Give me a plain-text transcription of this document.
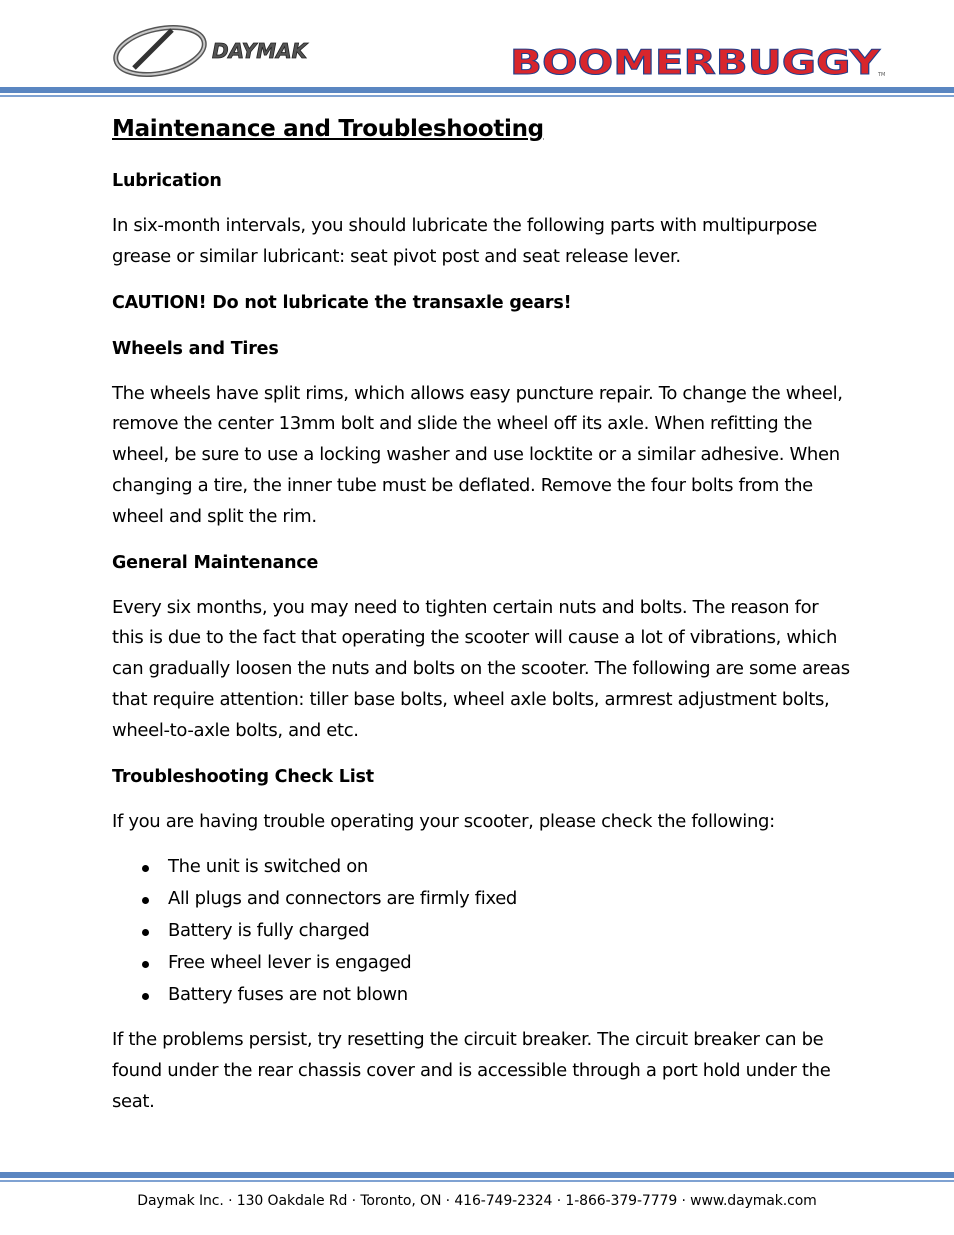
DAYMAK	BOOMERBUGGY
TM
Maintenance and Troubleshooting
Lubrication

In six-month intervals, you should lubricate the following parts with multipurpose grease or similar lubricant: seat pivot post and seat release lever.

CAUTION! Do not lubricate the transaxle gears!
Wheels and Tires

The wheels have split rims, which allows easy puncture repair. To change the wheel, remove the center 13mm bolt and slide the wheel off its axle. When refitting the wheel, be sure to use a locking washer and use locktite or a similar adhesive. When changing a tire, the inner tube must be deflated. Remove the four bolts from the wheel and split the rim.

General Maintenance

Every six months, you may need to tighten certain nuts and bolts. The reason for this is due to the fact that operating the scooter will cause a lot of vibrations, which can gradually loosen the nuts and bolts on the scooter. The following are some areas that require attention: tiller base bolts, wheel axle bolts, armrest adjustment bolts, wheel-to-axle bolts, and etc.

Troubleshooting Check List

If you are having trouble operating your scooter, please check the following:

The unit is switched on
All plugs and connectors are firmly fixed
Battery is fully charged
Free wheel lever is engaged
Battery fuses are not blown

If the problems persist, try resetting the circuit breaker. The circuit breaker can be found under the rear chassis cover and is accessible through a port hold under the seat.

Daymak Inc. · 130 Oakdale Rd · Toronto, ON · 416-749-2324 · 1-866-379-7779 · www.daymak.com
